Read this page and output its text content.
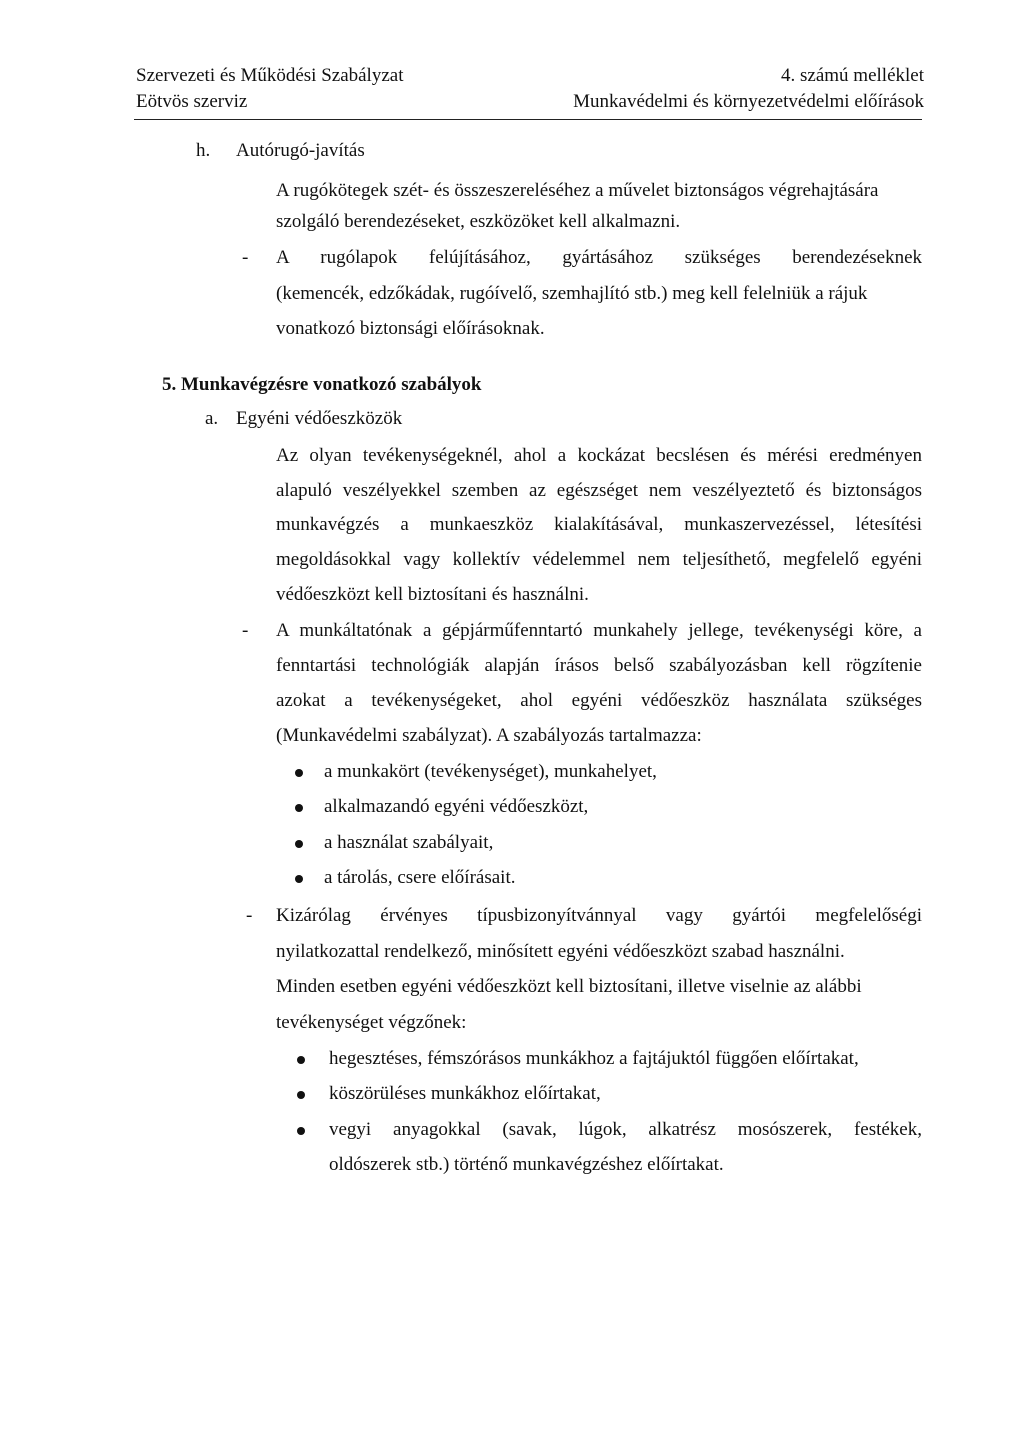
Szervezeti és Működési Szabályzat
Eötvös szerviz
4. számú melléklet
Munkavédelmi és környezetvédelmi előírások
h. Autórugó-javítás
A rugókötegek szét- és összeszereléséhez a művelet biztonságos végrehajtására
szolgáló berendezéseket, eszközöket kell alkalmazni.
- A rugólapok felújításához, gyártásához szükséges berendezéseknek
(kemencék, edzőkádak, rugóívelő, szemhajlító stb.) meg kell felelniük a rájuk
vonatkozó biztonsági előírásoknak.
5. Munkavégzésre vonatkozó szabályok
a. Egyéni védőeszközök
Az olyan tevékenységeknél, ahol a kockázat becslésen és mérési eredményen
alapuló veszélyekkel szemben az egészséget nem veszélyeztető és biztonságos
munkavégzés a munkaeszköz kialakításával, munkaszervezéssel, létesítési
megoldásokkal vagy kollektív védelemmel nem teljesíthető, megfelelő egyéni
védőeszközt kell biztosítani és használni.
- A munkáltatónak a gépjárműfenntartó munkahely jellege, tevékenységi köre, a
fenntartási technológiák alapján írásos belső szabályozásban kell rögzítenie
azokat a tevékenységeket, ahol egyéni védőeszköz használata szükséges
(Munkavédelmi szabályzat). A szabályozás tartalmazza:
a munkakört (tevékenységet), munkahelyet,
alkalmazandó egyéni védőeszközt,
a használat szabályait,
a tárolás, csere előírásait.
- Kizárólag érvényes típusbizonyítvánnyal vagy gyártói megfelelőségi
nyilatkozattal rendelkező, minősített egyéni védőeszközt szabad használni.
Minden esetben egyéni védőeszközt kell biztosítani, illetve viselnie az alábbi
tevékenységet végzőnek:
hegesztéses, fémszórásos munkákhoz a fajtájuktól függően előírtakat,
köszörüléses munkákhoz előírtakat,
vegyi anyagokkal (savak, lúgok, alkatrész mosószerek, festékek,
oldószerek stb.) történő munkavégzéshez előírtakat.
